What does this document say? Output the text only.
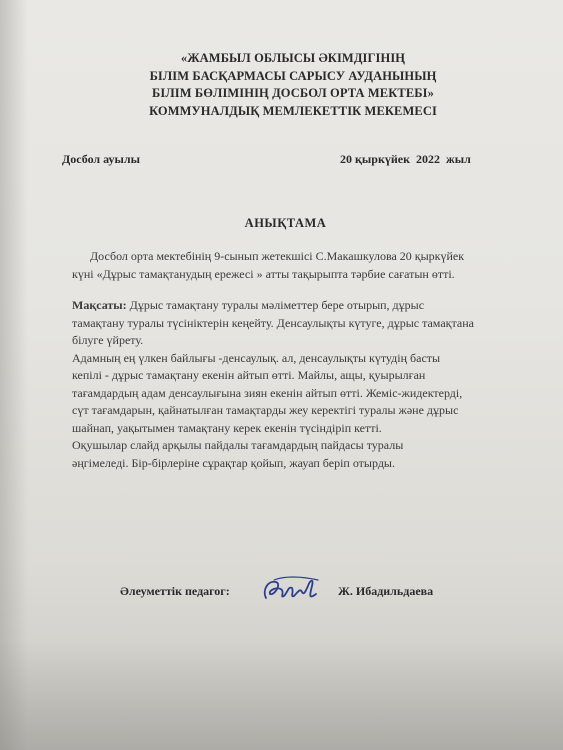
«ЖАМБЫЛ ОБЛЫСЫ ӘКІМДІГІНІҢ
БІЛІМ БАСҚАРМАСЫ САРЫСУ АУДАНЫНЫҢ
БІЛІМ БӨЛІМІНІҢ ДОСБОЛ ОРТА МЕКТЕБІ»
КОММУНАЛДЫҚ МЕМЛЕКЕТТІК МЕКЕМЕСІ
Досбол ауылы	20 қыркүйек  2022  жыл
АНЫҚТАМА
Досбол орта мектебінің 9-сынып жетекшісі С.Макашкулова 20 қыркүйек
күні «Дұрыс тамақтанудың ережесі » атты тақырыпта тәрбие сағатын өтті.
Мақсаты: Дұрыс тамақтану туралы мәліметтер бере отырып, дұрыс
тамақтану туралы түсініктерін кеңейту. Денсаулықты күтуге, дұрыс тамақтана
білуге үйрету.
Адамның ең үлкен байлығы -денсаулық. ал, денсаулықты күтудің басты
кепілі - дұрыс тамақтану екенін айтып өтті. Майлы, ащы, қуырылған
тағамдардың адам денсаулығына зиян екенін айтып өтті. Жеміс-жидектерді,
сүт тағамдарын, қайнатылған тамақтарды жеу керектігі туралы және дұрыс
шайнап, уақытымен тамақтану керек екенін түсіндіріп кетті.
Оқушылар слайд арқылы пайдалы тағамдардың пайдасы туралы
әңгімеледі. Бір-бірлеріне сұрақтар қойып, жауап беріп отырды.
Әлеуметтік педагог:	Ж. Ибадильдаева
